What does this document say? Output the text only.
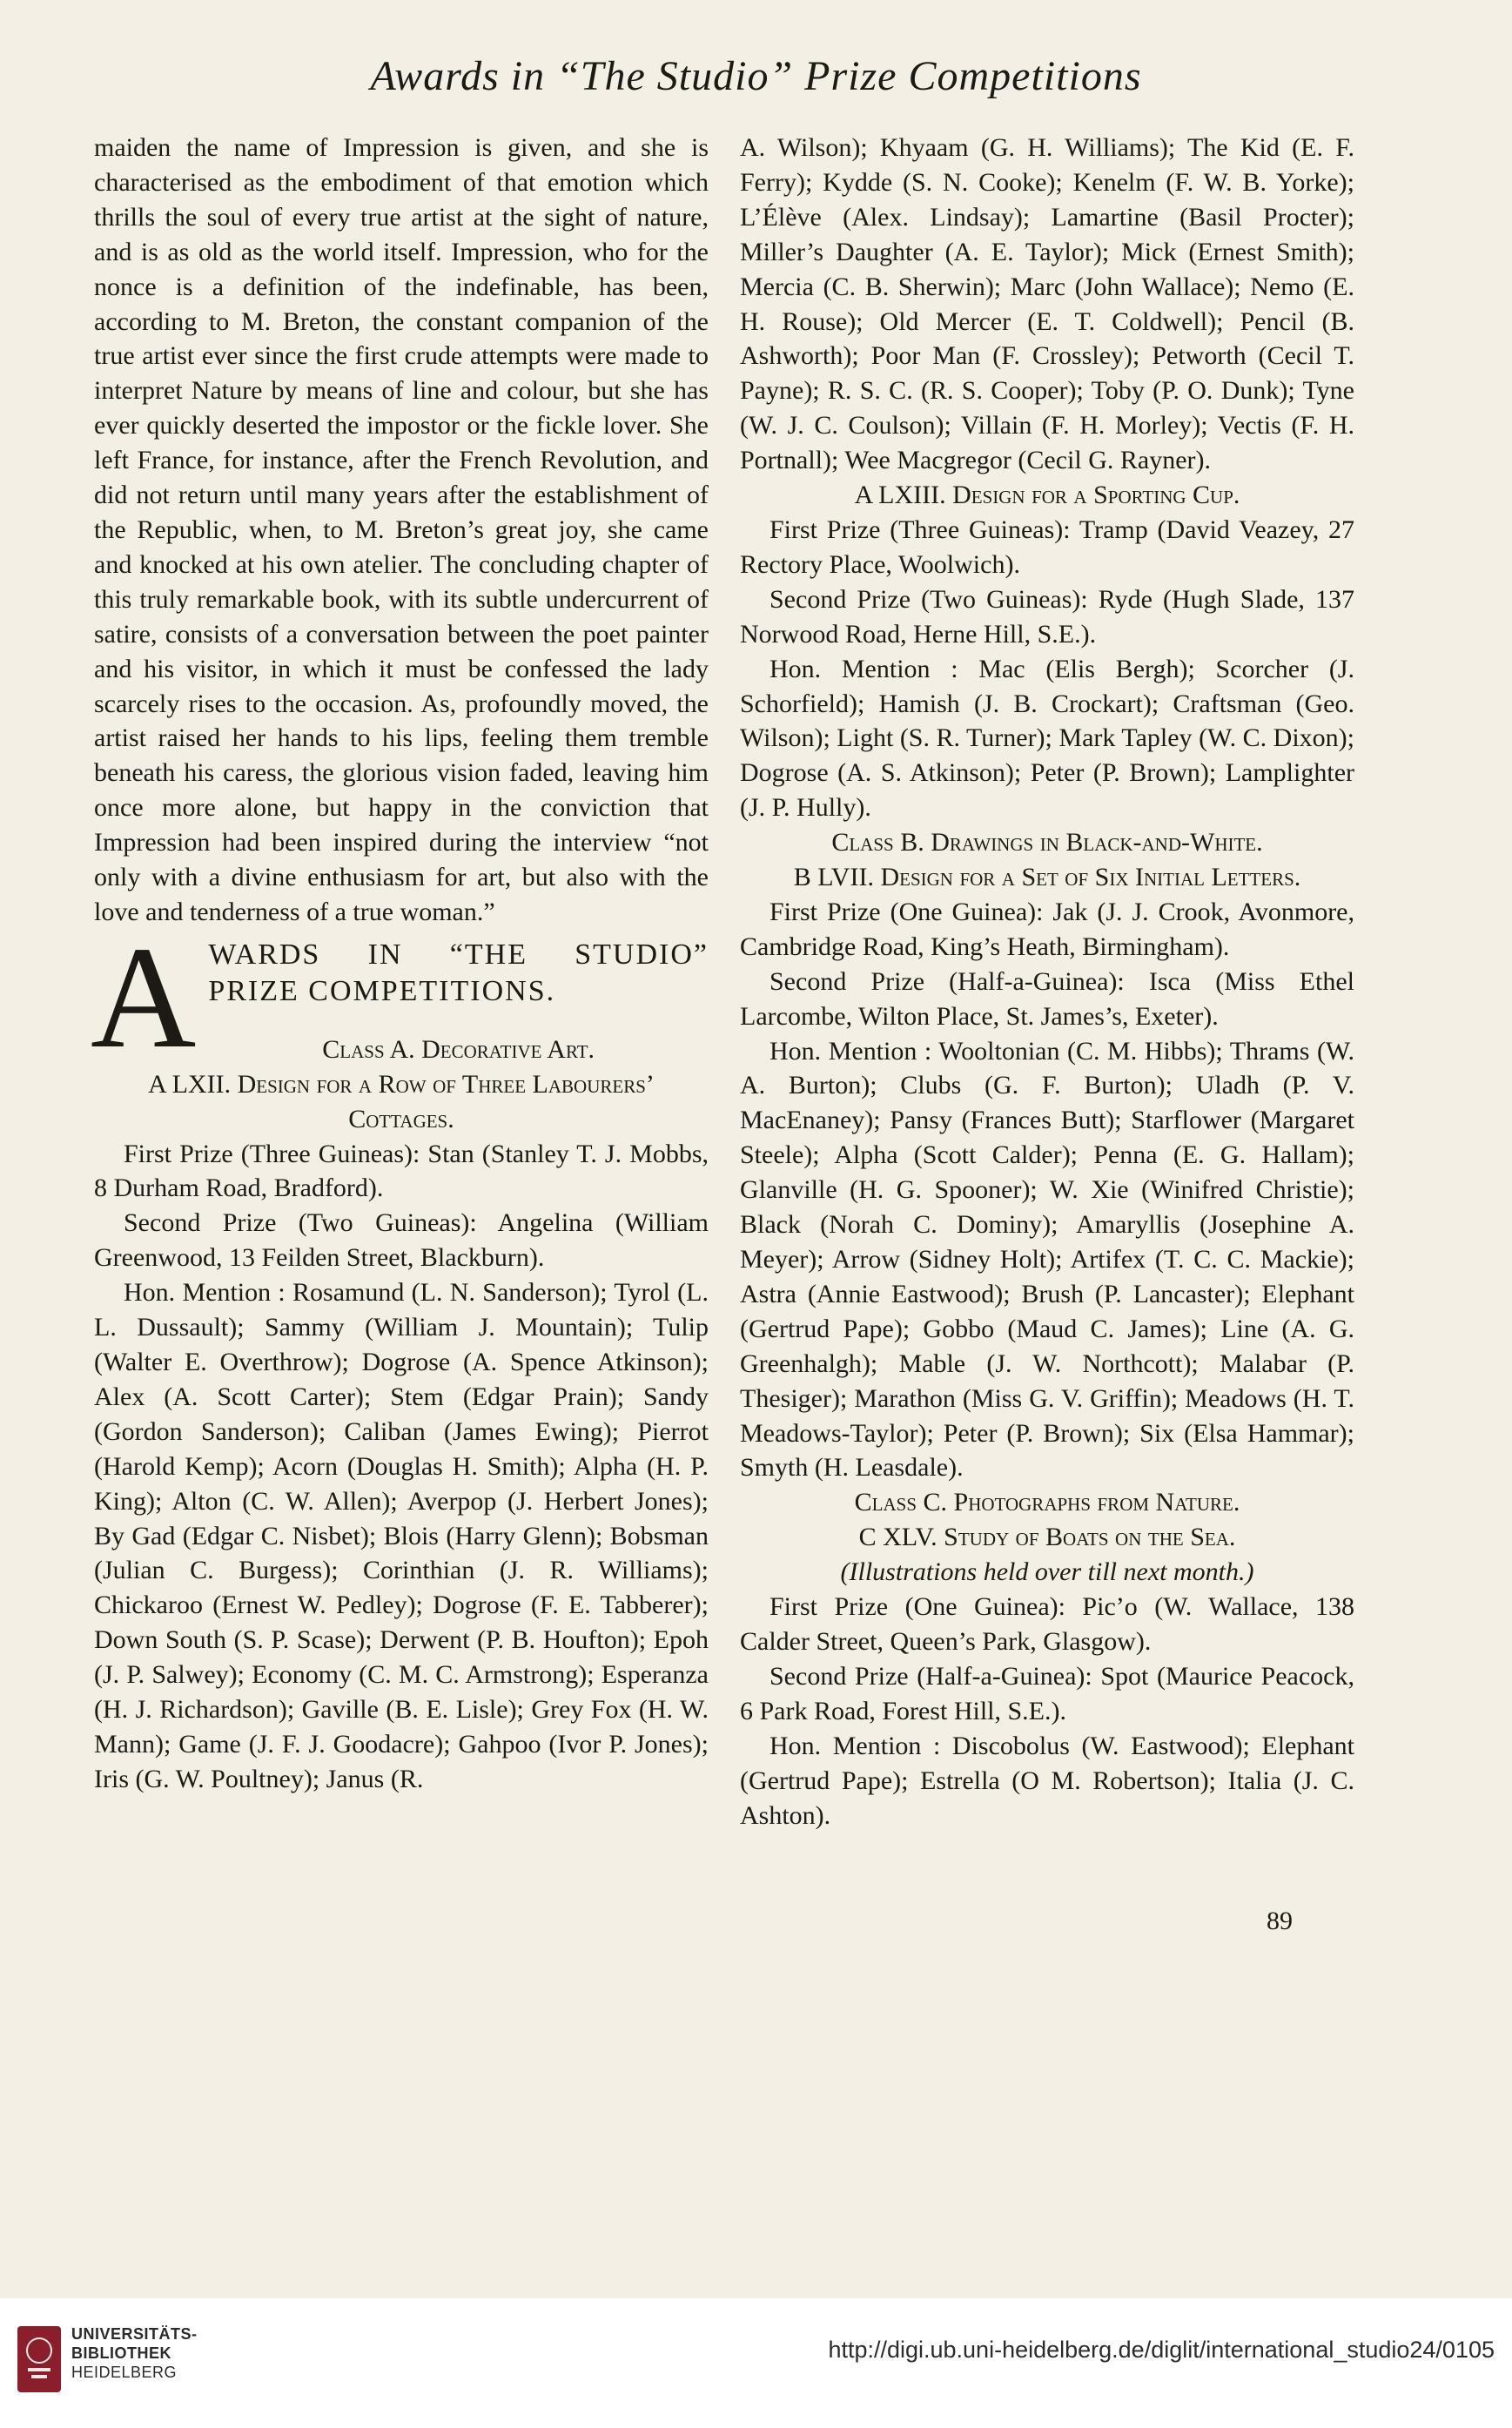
Awards in “The Studio” Prize Competitions

maiden the name of Impression is given, and she is characterised as the embodiment of that emotion which thrills the soul of every true artist at the sight of nature, and is as old as the world itself. Impression, who for the nonce is a definition of the indefinable, has been, according to M. Breton, the constant companion of the true artist ever since the first crude attempts were made to interpret Nature by means of line and colour, but she has ever quickly deserted the impostor or the fickle lover. She left France, for instance, after the French Revolution, and did not return until many years after the establishment of the Republic, when, to M. Breton’s great joy, she came and knocked at his own atelier. The concluding chapter of this truly remarkable book, with its subtle undercurrent of satire, consists of a conversation between the poet painter and his visitor, in which it must be confessed the lady scarcely rises to the occasion. As, profoundly moved, the artist raised her hands to his lips, feeling them tremble beneath his caress, the glorious vision faded, leaving him once more alone, but happy in the conviction that Impression had been inspired during the interview “not only with a divine enthusiasm for art, but also with the love and tenderness of a true woman.”

A WARDS IN “THE STUDIO”
PRIZE COMPETITIONS.

Class A. Decorative Art.

A LXII. Design for a Row of Three Labourers’ Cottages.

First Prize (Three Guineas): Stan (Stanley T. J. Mobbs, 8 Durham Road, Bradford).

Second Prize (Two Guineas): Angelina (William Greenwood, 13 Feilden Street, Blackburn).

Hon. Mention : Rosamund (L. N. Sanderson); Tyrol (L. L. Dussault); Sammy (William J. Mountain); Tulip (Walter E. Overthrow); Dogrose (A. Spence Atkinson); Alex (A. Scott Carter); Stem (Edgar Prain); Sandy (Gordon Sanderson); Caliban (James Ewing); Pierrot (Harold Kemp); Acorn (Douglas H. Smith); Alpha (H. P. King); Alton (C. W. Allen); Averpop (J. Herbert Jones); By Gad (Edgar C. Nisbet); Blois (Harry Glenn); Bobsman (Julian C. Burgess); Corinthian (J. R. Williams); Chickaroo (Ernest W. Pedley); Dogrose (F. E. Tabberer); Down South (S. P. Scase); Derwent (P. B. Houfton); Epoh (J. P. Salwey); Economy (C. M. C. Armstrong); Esperanza (H. J. Richardson); Gaville (B. E. Lisle); Grey Fox (H. W. Mann); Game (J. F. J. Goodacre); Gahpoo (Ivor P. Jones); Iris (G. W. Poultney); Janus (R.

A. Wilson); Khyaam (G. H. Williams); The Kid (E. F. Ferry); Kydde (S. N. Cooke); Kenelm (F. W. B. Yorke); L’Élève (Alex. Lindsay); Lamartine (Basil Procter); Miller’s Daughter (A. E. Taylor); Mick (Ernest Smith); Mercia (C. B. Sherwin); Marc (John Wallace); Nemo (E. H. Rouse); Old Mercer (E. T. Coldwell); Pencil (B. Ashworth); Poor Man (F. Crossley); Petworth (Cecil T. Payne); R. S. C. (R. S. Cooper); Toby (P. O. Dunk); Tyne (W. J. C. Coulson); Villain (F. H. Morley); Vectis (F. H. Portnall); Wee Macgregor (Cecil G. Rayner).

A LXIII. Design for a Sporting Cup.

First Prize (Three Guineas): Tramp (David Veazey, 27 Rectory Place, Woolwich).

Second Prize (Two Guineas): Ryde (Hugh Slade, 137 Norwood Road, Herne Hill, S.E.).

Hon. Mention : Mac (Elis Bergh); Scorcher (J. Schorfield); Hamish (J. B. Crockart); Craftsman (Geo. Wilson); Light (S. R. Turner); Mark Tapley (W. C. Dixon); Dogrose (A. S. Atkinson); Peter (P. Brown); Lamplighter (J. P. Hully).

Class B. Drawings in Black-and-White.

B LVII. Design for a Set of Six Initial Letters.

First Prize (One Guinea): Jak (J. J. Crook, Avonmore, Cambridge Road, King’s Heath, Birmingham).

Second Prize (Half-a-Guinea): Isca (Miss Ethel Larcombe, Wilton Place, St. James’s, Exeter).

Hon. Mention : Wooltonian (C. M. Hibbs); Thrams (W. A. Burton); Clubs (G. F. Burton); Uladh (P. V. MacEnaney); Pansy (Frances Butt); Starflower (Margaret Steele); Alpha (Scott Calder); Penna (E. G. Hallam); Glanville (H. G. Spooner); W. Xie (Winifred Christie); Black (Norah C. Dominy); Amaryllis (Josephine A. Meyer); Arrow (Sidney Holt); Artifex (T. C. C. Mackie); Astra (Annie Eastwood); Brush (P. Lancaster); Elephant (Gertrud Pape); Gobbo (Maud C. James); Line (A. G. Greenhalgh); Mable (J. W. Northcott); Malabar (P. Thesiger); Marathon (Miss G. V. Griffin); Meadows (H. T. Meadows-Taylor); Peter (P. Brown); Six (Elsa Hammar); Smyth (H. Leasdale).

Class C. Photographs from Nature.

C XLV. Study of Boats on the Sea.

(Illustrations held over till next month.)

First Prize (One Guinea): Pic’o (W. Wallace, 138 Calder Street, Queen’s Park, Glasgow).

Second Prize (Half-a-Guinea): Spot (Maurice Peacock, 6 Park Road, Forest Hill, S.E.).

Hon. Mention : Discobolus (W. Eastwood); Elephant (Gertrud Pape); Estrella (O M. Robertson); Italia (J. C. Ashton).

89
UNIVERSITÄTS-
BIBLIOTHEK
HEIDELBERG
http://digi.ub.uni-heidelberg.de/diglit/international_studio24/0105
